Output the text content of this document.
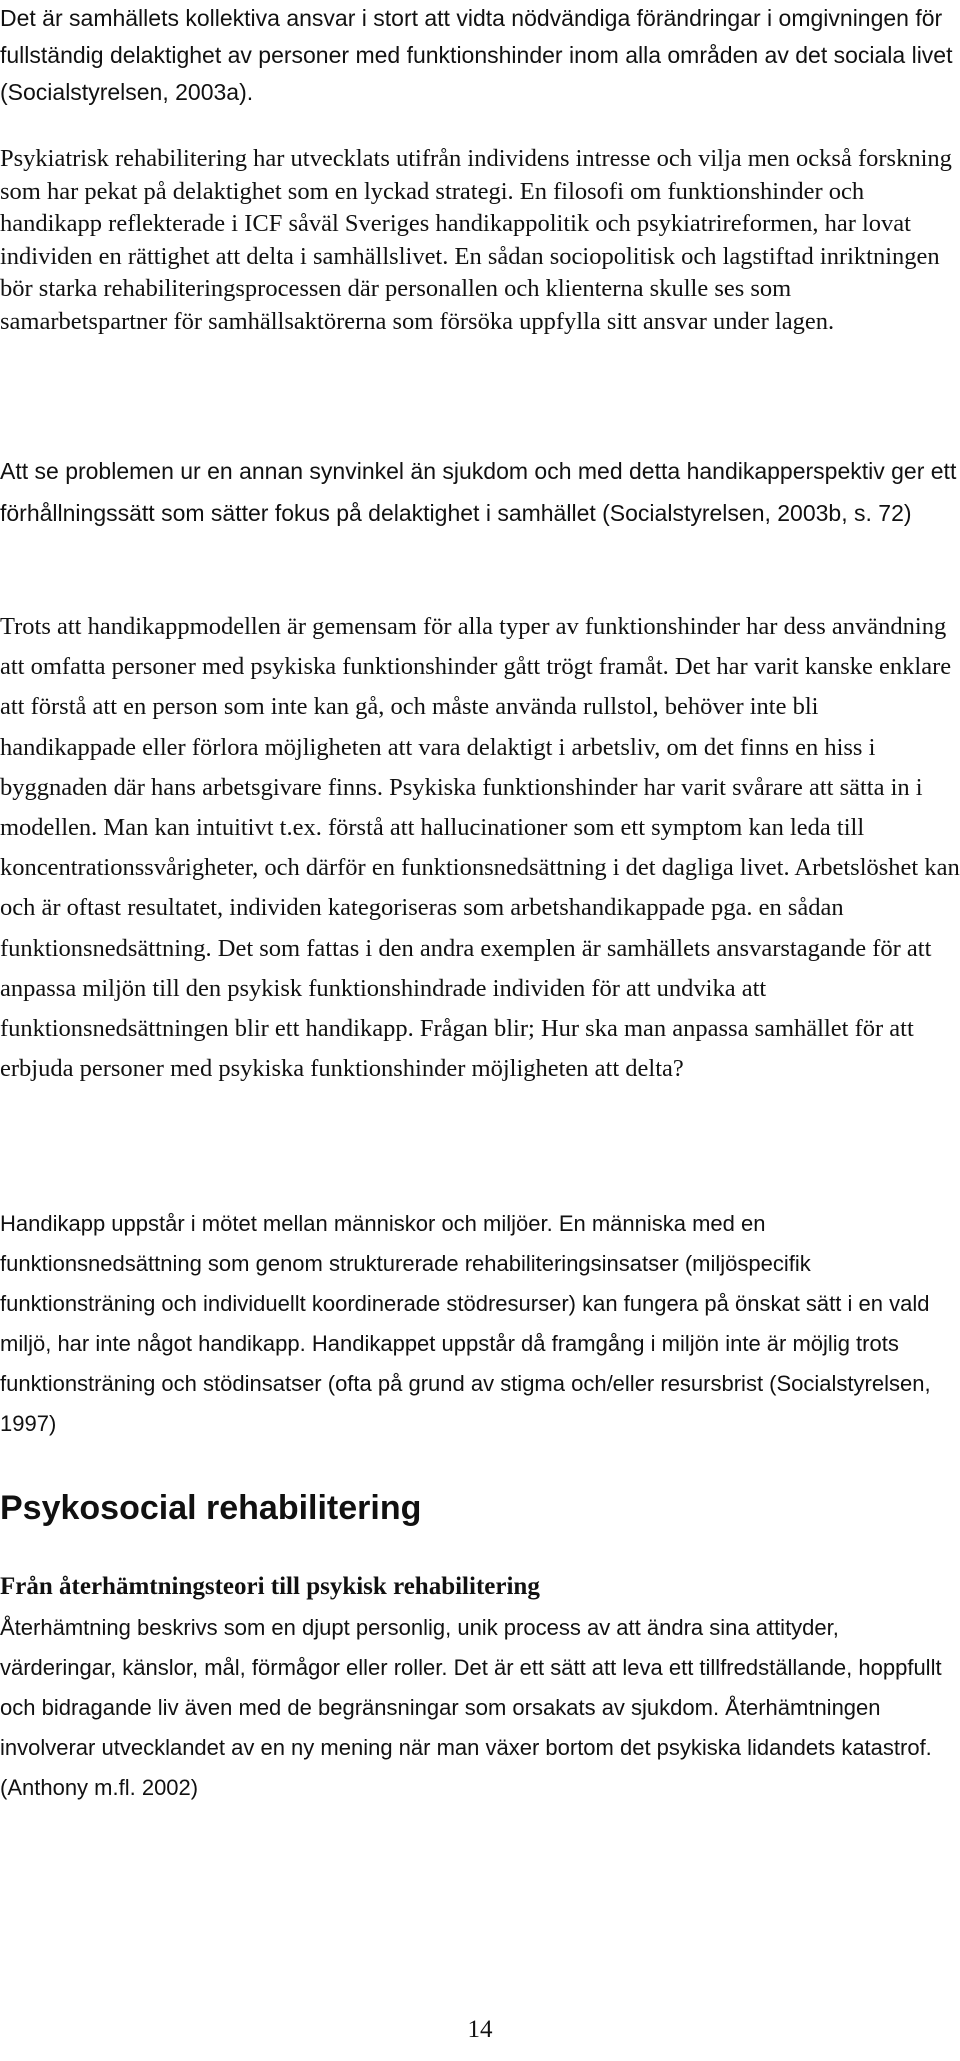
Det är samhällets kollektiva ansvar i stort att vidta nödvändiga förändringar i omgivningen för fullständig delaktighet av personer med funktionshinder inom alla områden av det sociala livet (Socialstyrelsen, 2003a).

Psykiatrisk rehabilitering har utvecklats utifrån individens intresse och vilja men också forskning som har pekat på delaktighet som en lyckad strategi. En filosofi om funktionshinder och handikapp reflekterade i ICF såväl Sveriges handikappolitik och psykiatrireformen, har lovat individen en rättighet att delta i samhällslivet. En sådan sociopolitisk och lagstiftad inriktningen bör starka rehabiliteringsprocessen där personallen och klienterna skulle ses som samarbetspartner för samhällsaktörerna som försöka uppfylla sitt ansvar under lagen.

Att se problemen ur en annan synvinkel än sjukdom och med detta handikapperspektiv ger ett förhållningssätt som sätter fokus på delaktighet i samhället (Socialstyrelsen, 2003b, s. 72)

Trots att handikappmodellen är gemensam för alla typer av funktionshinder har dess användning att omfatta personer med psykiska funktionshinder gått trögt framåt. Det har varit kanske enklare att förstå att en person som inte kan gå, och måste använda rullstol, behöver inte bli handikappade eller förlora möjligheten att vara delaktigt i arbetsliv, om det finns en hiss i byggnaden där hans arbetsgivare finns. Psykiska funktionshinder har varit svårare att sätta in i modellen. Man kan intuitivt t.ex. förstå att hallucinationer som ett symptom kan leda till koncentrationssvårigheter, och därför en funktionsnedsättning i det dagliga livet. Arbetslöshet kan och är oftast resultatet, individen kategoriseras som arbetshandikappade pga. en sådan funktionsnedsättning. Det som fattas i den andra exemplen är samhällets ansvarstagande för att anpassa miljön till den psykisk funktionshindrade individen för att undvika att funktionsnedsättningen blir ett handikapp. Frågan blir; Hur ska man anpassa samhället för att erbjuda personer med psykiska funktionshinder möjligheten att delta?

Handikapp uppstår i mötet mellan människor och miljöer. En människa med en funktionsnedsättning som genom strukturerade rehabiliteringsinsatser (miljöspecifik funktionsträning och individuellt koordinerade stödresurser) kan fungera på önskat sätt i en vald miljö, har inte något handikapp. Handikappet uppstår då framgång i miljön inte är möjlig trots funktionsträning och stödinsatser (ofta på grund av stigma och/eller resursbrist (Socialstyrelsen, 1997)

Psykosocial rehabilitering
Från återhämtningsteori till psykisk rehabilitering

Återhämtning beskrivs som en djupt personlig, unik process av att ändra sina attityder, värderingar, känslor, mål, förmågor eller roller. Det är ett sätt att leva ett tillfredställande, hoppfullt och bidragande liv även med de begränsningar som orsakats av sjukdom. Återhämtningen involverar utvecklandet av en ny mening när man växer bortom det psykiska lidandets katastrof. (Anthony m.fl. 2002)

14
